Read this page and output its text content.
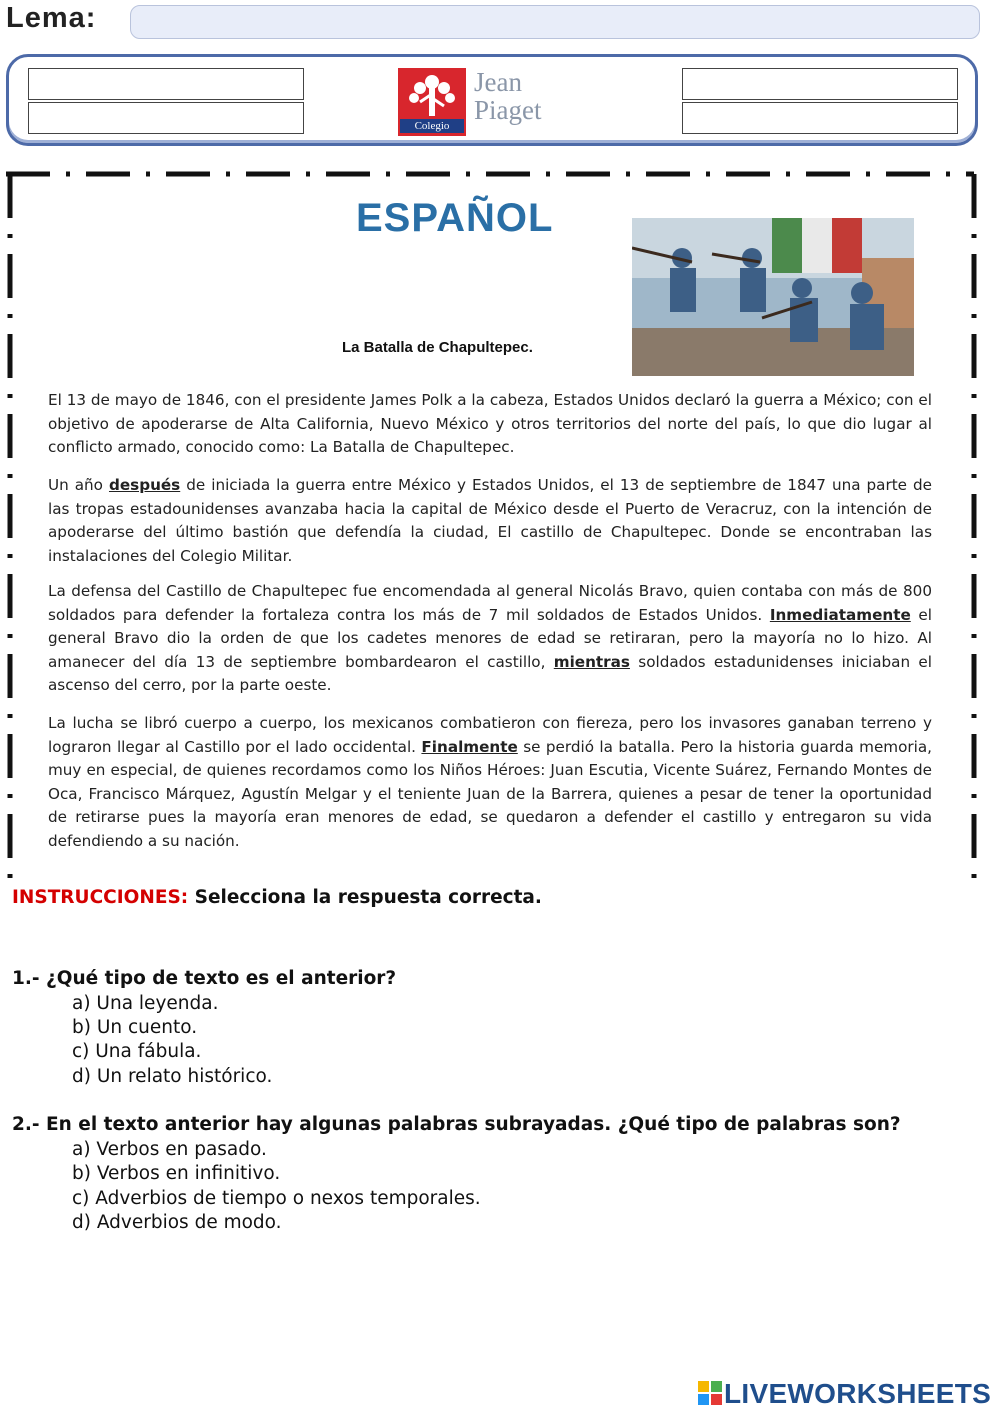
Lema:
Colegio
Jean
Piaget
ESPAÑOL
La Batalla de Chapultepec.

El 13 de mayo de 1846, con el presidente James Polk a la cabeza, Estados Unidos declaró la guerra a México; con el objetivo de apoderarse de Alta California, Nuevo México y otros territorios del norte del país, lo que dio lugar al conflicto armado, conocido como: La Batalla de Chapultepec.

Un año después de iniciada la guerra entre México y Estados Unidos, el 13 de septiembre de 1847 una parte de las tropas estadounidenses avanzaba hacia la capital de México desde el Puerto de Veracruz, con la intención de apoderarse del último bastión que defendía la ciudad, El castillo de Chapultepec. Donde se encontraban las instalaciones del Colegio Militar.

La defensa del Castillo de Chapultepec fue encomendada al general Nicolás Bravo, quien contaba con más de 800 soldados para defender la fortaleza contra los más de 7 mil soldados de Estados Unidos. Inmediatamente el general Bravo dio la orden de que los cadetes menores de edad se retiraran, pero la mayoría no lo hizo. Al amanecer del día 13 de septiembre bombardearon el castillo, mientras soldados estadunidenses iniciaban el ascenso del cerro, por la parte oeste.

La lucha se libró cuerpo a cuerpo, los mexicanos combatieron con fiereza, pero los invasores ganaban terreno y lograron llegar al Castillo por el lado occidental. Finalmente se perdió la batalla. Pero la historia guarda memoria, muy en especial, de quienes recordamos como los Niños Héroes: Juan Escutia, Vicente Suárez, Fernando Montes de Oca, Francisco Márquez, Agustín Melgar y el teniente Juan de la Barrera, quienes a pesar de tener la oportunidad de retirarse pues la mayoría eran menores de edad, se quedaron a defender el castillo y entregaron su vida defendiendo a su nación.

INSTRUCCIONES: Selecciona la respuesta correcta.
1.- ¿Qué tipo de texto es el anterior?
a) Una leyenda.
b) Un cuento.
c) Una fábula.
d) Un relato histórico.
2.- En el texto anterior hay algunas palabras subrayadas. ¿Qué tipo de palabras son?
a) Verbos en pasado.
b) Verbos en infinitivo.
c) Adverbios de tiempo o nexos temporales.
d) Adverbios de modo.
LIVEWORKSHEETS
